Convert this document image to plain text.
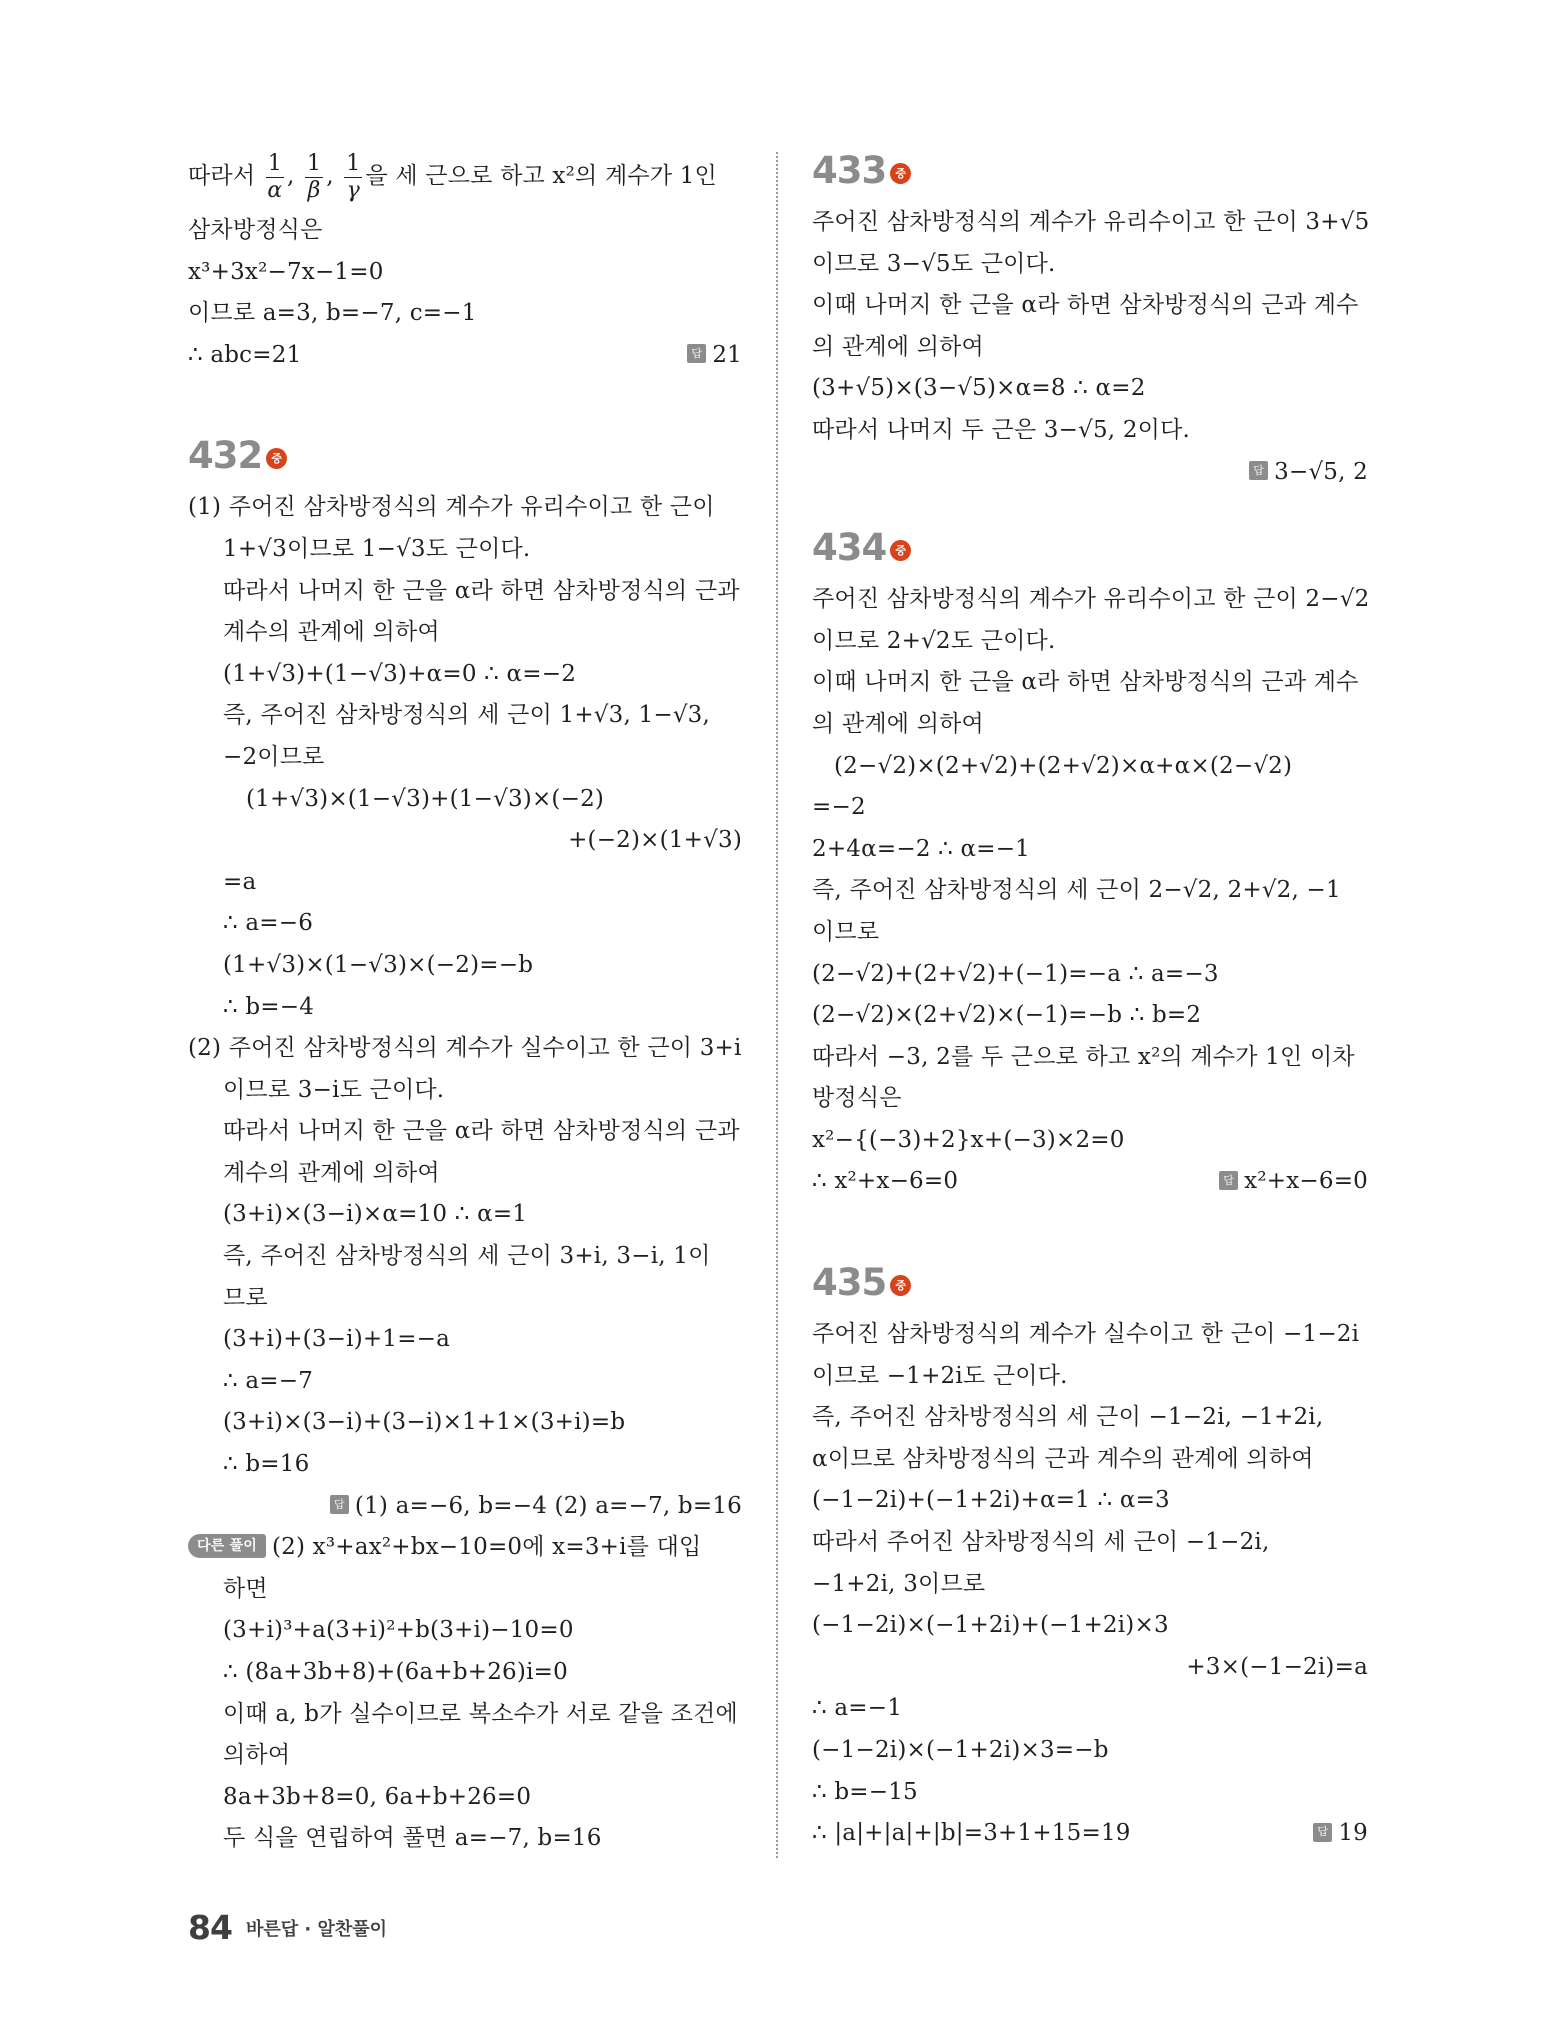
따라서 $\frac{1}{\alpha}$ , $\frac{1}{\beta}$ , $\frac{1}{\gamma}$ 을 세 근으로 하고 x²의 계수가 1인
삼차방정식은
x³+3x²−7x−1=0
이므로 a=3, b=−7, c=−1
∴ abc=21	답 21
432 중
(1) 주어진 삼차방정식의 계수가 유리수이고 한 근이
1+√3이므로 1−√3도 근이다.
따라서 나머지 한 근을 α라 하면 삼차방정식의 근과
계수의 관계에 의하여
(1+√3)+(1−√3)+α=0 ∴ α=−2
즉, 주어진 삼차방정식의 세 근이 1+√3, 1−√3,
−2이므로
(1+√3)×(1−√3)+(1−√3)×(−2)
+(−2)×(1+√3)
=a
∴ a=−6
(1+√3)×(1−√3)×(−2)=−b
∴ b=−4
(2) 주어진 삼차방정식의 계수가 실수이고 한 근이 3+i
이므로 3−i도 근이다.
따라서 나머지 한 근을 α라 하면 삼차방정식의 근과
계수의 관계에 의하여
(3+i)×(3−i)×α=10 ∴ α=1
즉, 주어진 삼차방정식의 세 근이 3+i, 3−i, 1이
므로
(3+i)+(3−i)+1=−a
∴ a=−7
(3+i)×(3−i)+(3−i)×1+1×(3+i)=b
∴ b=16
답 (1) a=−6, b=−4 (2) a=−7, b=16
다른 풀이 (2) x³+ax²+bx−10=0에 x=3+i를 대입
하면
(3+i)³+a(3+i)²+b(3+i)−10=0
∴ (8a+3b+8)+(6a+b+26)i=0
이때 a, b가 실수이므로 복소수가 서로 같을 조건에
의하여
8a+3b+8=0, 6a+b+26=0
두 식을 연립하여 풀면 a=−7, b=16
433 중
주어진 삼차방정식의 계수가 유리수이고 한 근이 3+√5
이므로 3−√5도 근이다.
이때 나머지 한 근을 α라 하면 삼차방정식의 근과 계수
의 관계에 의하여
(3+√5)×(3−√5)×α=8 ∴ α=2
따라서 나머지 두 근은 3−√5, 2이다.
답 3−√5, 2
434 중
주어진 삼차방정식의 계수가 유리수이고 한 근이 2−√2
이므로 2+√2도 근이다.
이때 나머지 한 근을 α라 하면 삼차방정식의 근과 계수
의 관계에 의하여
(2−√2)×(2+√2)+(2+√2)×α+α×(2−√2)
=−2
2+4α=−2 ∴ α=−1
즉, 주어진 삼차방정식의 세 근이 2−√2, 2+√2, −1
이므로
(2−√2)+(2+√2)+(−1)=−a ∴ a=−3
(2−√2)×(2+√2)×(−1)=−b ∴ b=2
따라서 −3, 2를 두 근으로 하고 x²의 계수가 1인 이차
방정식은
x²−{(−3)+2}x+(−3)×2=0
∴ x²+x−6=0	답 x²+x−6=0
435 중
주어진 삼차방정식의 계수가 실수이고 한 근이 −1−2i
이므로 −1+2i도 근이다.
즉, 주어진 삼차방정식의 세 근이 −1−2i, −1+2i,
α이므로 삼차방정식의 근과 계수의 관계에 의하여
(−1−2i)+(−1+2i)+α=1 ∴ α=3
따라서 주어진 삼차방정식의 세 근이 −1−2i,
−1+2i, 3이므로
(−1−2i)×(−1+2i)+(−1+2i)×3
+3×(−1−2i)=a
∴ a=−1
(−1−2i)×(−1+2i)×3=−b
∴ b=−15
∴ |a|+|a|+|b|=3+1+15=19	답 19
84 바른답 · 알찬풀이
